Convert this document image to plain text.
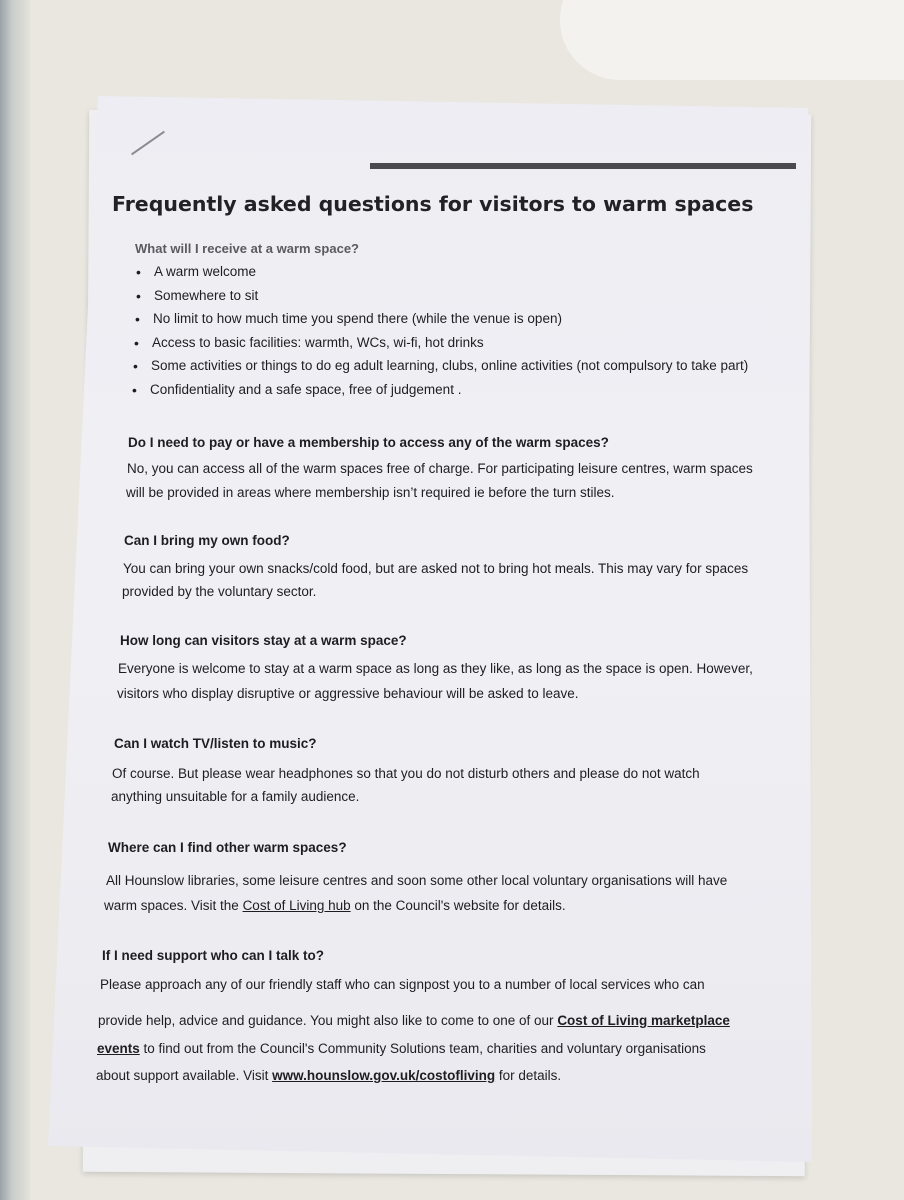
Frequently asked questions for visitors to warm spaces
What will I receive at a warm space?
• A warm welcome
• Somewhere to sit
• No limit to how much time you spend there (while the venue is open)
• Access to basic facilities: warmth, WCs, wi-fi, hot drinks
• Some activities or things to do eg adult learning, clubs, online activities (not compulsory to take part)
• Confidentiality and a safe space, free of judgement .
Do I need to pay or have a membership to access any of the warm spaces?
No, you can access all of the warm spaces free of charge. For participating leisure centres, warm spaces
will be provided in areas where membership isn’t required ie before the turn stiles.
Can I bring my own food?
You can bring your own snacks/cold food, but are asked not to bring hot meals. This may vary for spaces
provided by the voluntary sector.
How long can visitors stay at a warm space?
Everyone is welcome to stay at a warm space as long as they like, as long as the space is open. However,
visitors who display disruptive or aggressive behaviour will be asked to leave.
Can I watch TV/listen to music?
Of course. But please wear headphones so that you do not disturb others and please do not watch
anything unsuitable for a family audience.
Where can I find other warm spaces?
All Hounslow libraries, some leisure centres and soon some other local voluntary organisations will have
warm spaces. Visit the Cost of Living hub on the Council's website for details.
If I need support who can I talk to?
Please approach any of our friendly staff who can signpost you to a number of local services who can
provide help, advice and guidance. You might also like to come to one of our Cost of Living marketplace
events to find out from the Council's Community Solutions team, charities and voluntary organisations
about support available. Visit www.hounslow.gov.uk/costofliving for details.
